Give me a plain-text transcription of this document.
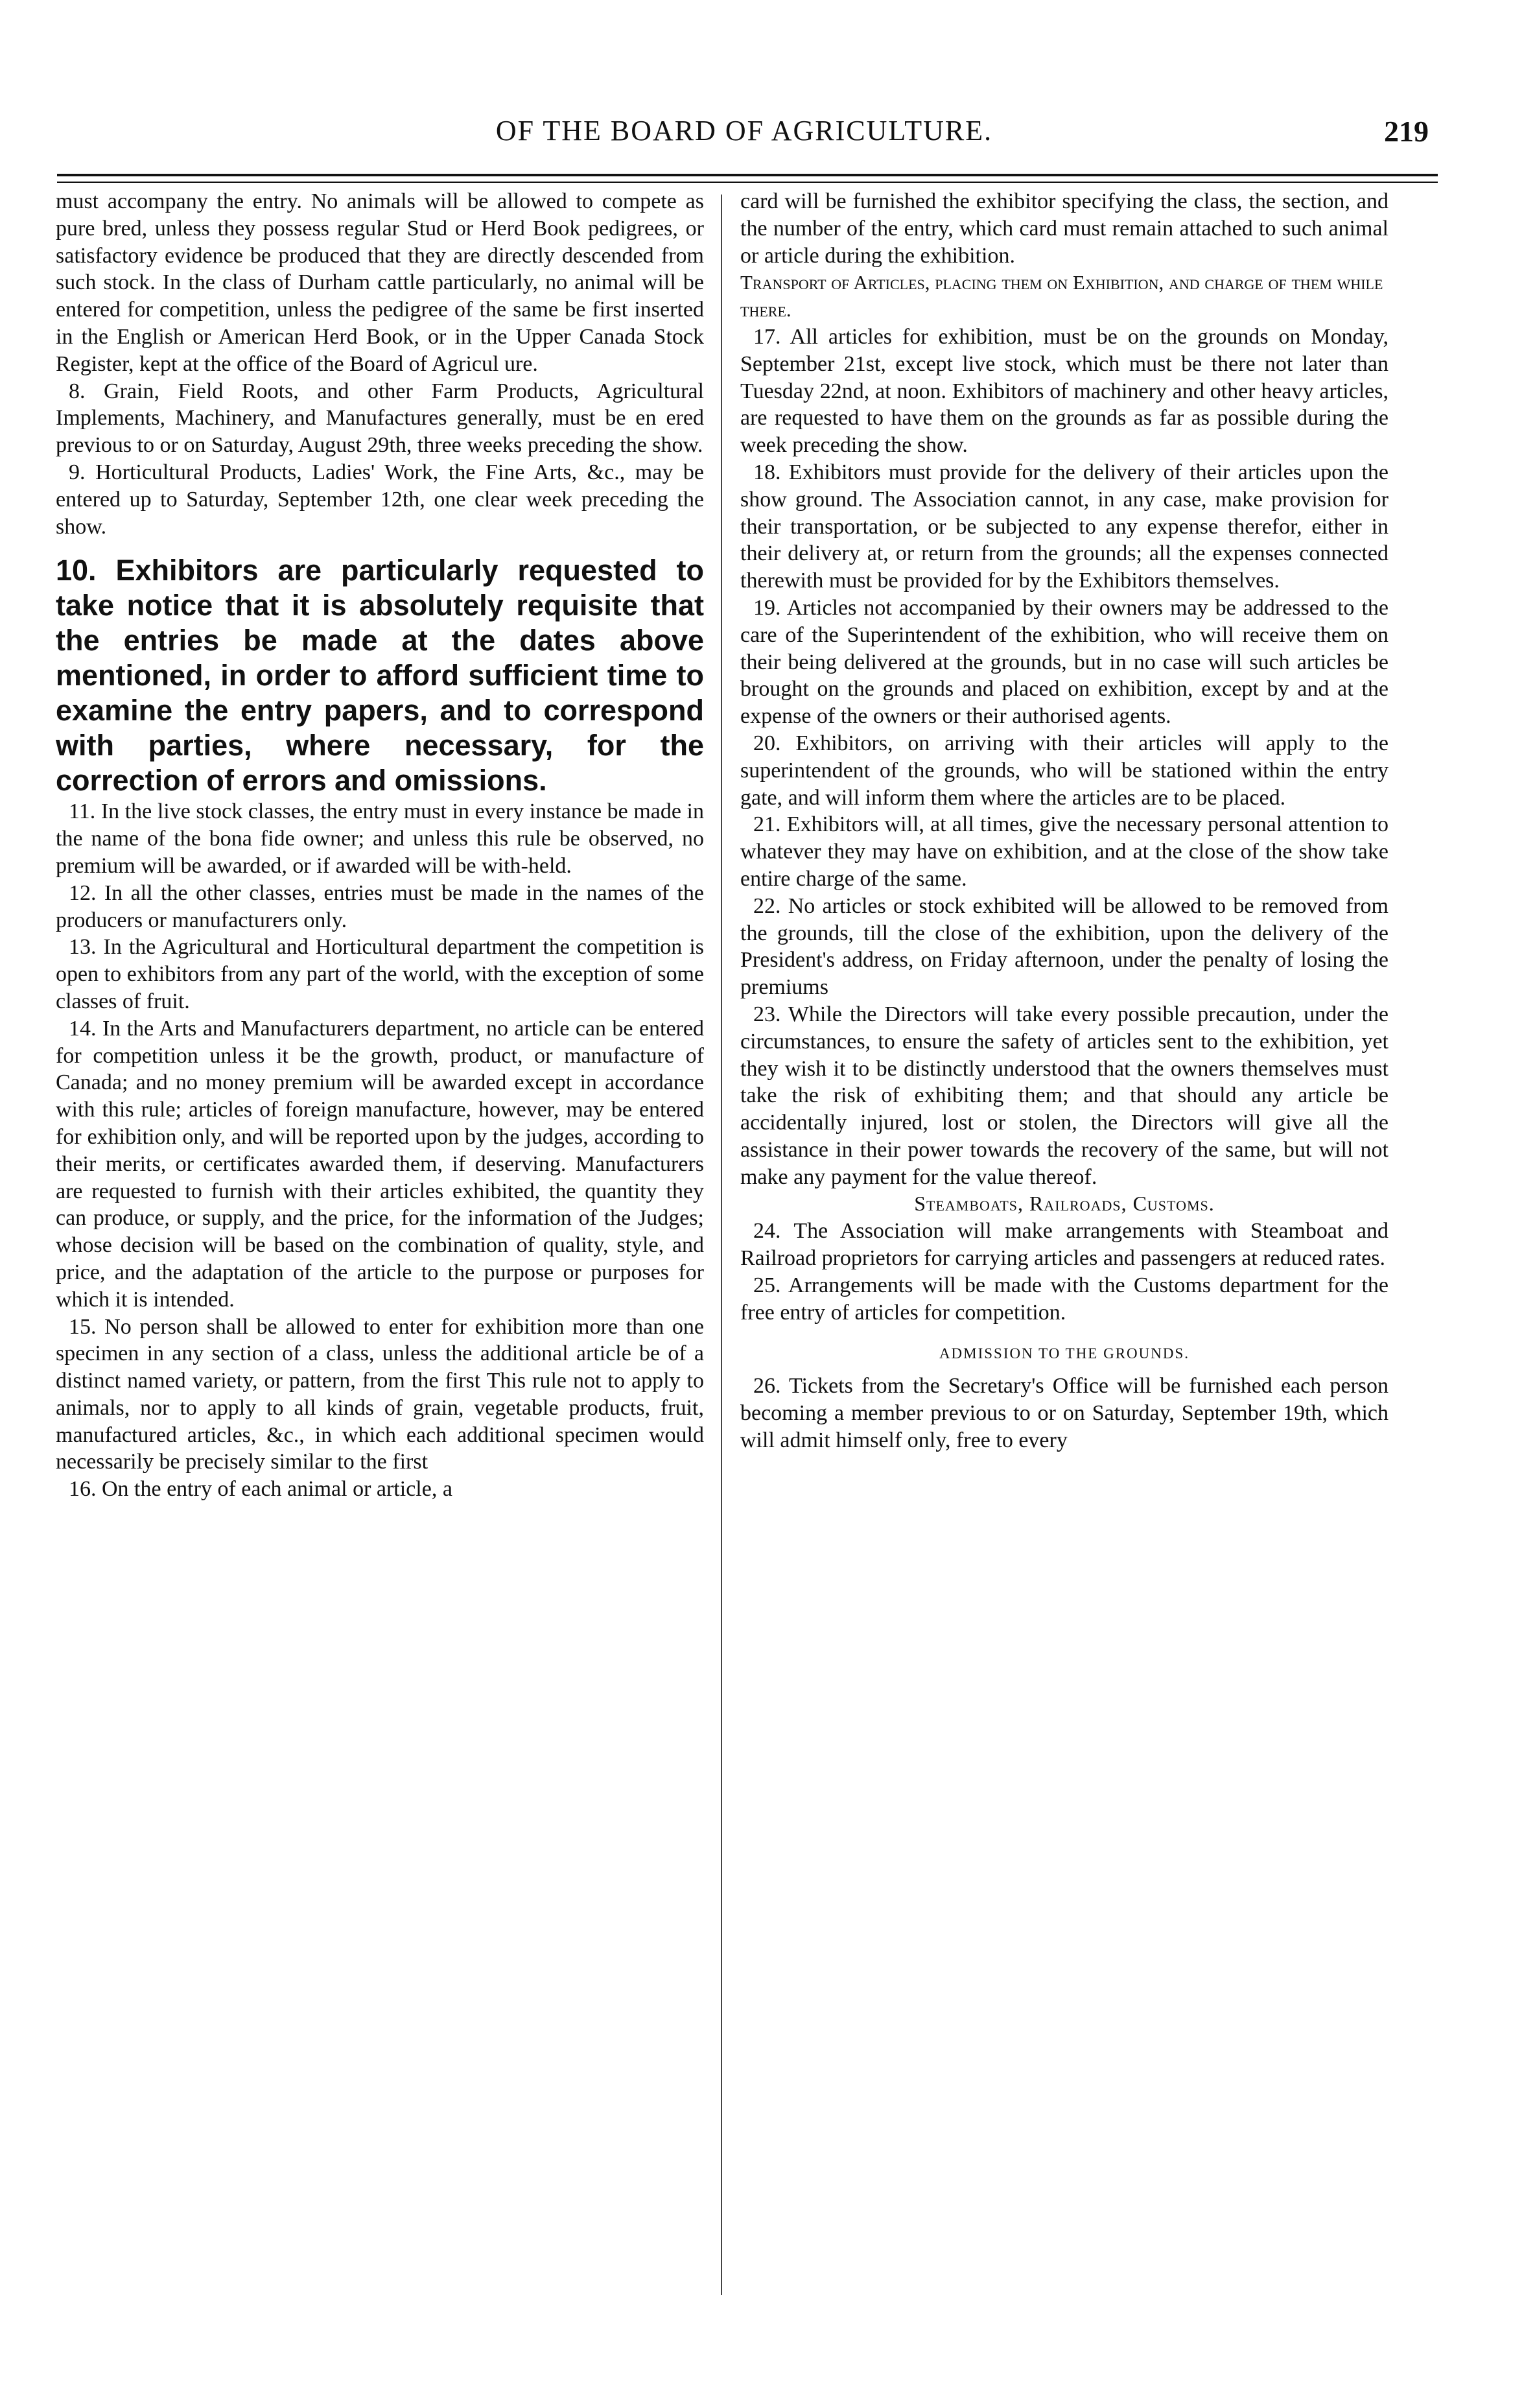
OF THE BOARD OF AGRICULTURE.	219

must accompany the entry. No animals will be allowed to compete as pure bred, unless they possess regular Stud or Herd Book pedigrees, or satisfactory evidence be produced that they are directly descended from such stock. In the class of Durham cattle particularly, no animal will be entered for competition, unless the pedigree of the same be first inserted in the English or American Herd Book, or in the Upper Canada Stock Register, kept at the office of the Board of Agricul ure.

8. Grain, Field Roots, and other Farm Products, Agricultural Implements, Machinery, and Manufactures generally, must be en ered previous to or on Saturday, August 29th, three weeks preceding the show.

9. Horticultural Products, Ladies' Work, the Fine Arts, &c., may be entered up to Saturday, September 12th, one clear week preceding the show.

10. Exhibitors are particularly requested to take notice that it is absolutely requisite that the entries be made at the dates above mentioned, in order to afford sufficient time to examine the entry papers, and to correspond with parties, where necessary, for the correction of errors and omissions.

11. In the live stock classes, the entry must in every instance be made in the name of the bona fide owner; and unless this rule be observed, no premium will be awarded, or if awarded will be with-held.

12. In all the other classes, entries must be made in the names of the producers or manufacturers only.

13. In the Agricultural and Horticultural department the competition is open to exhibitors from any part of the world, with the exception of some classes of fruit.

14. In the Arts and Manufacturers department, no article can be entered for competition unless it be the growth, product, or manufacture of Canada; and no money premium will be awarded except in accordance with this rule; articles of foreign manufacture, however, may be entered for exhibition only, and will be reported upon by the judges, according to their merits, or certificates awarded them, if deserving. Manufacturers are requested to furnish with their articles exhibited, the quantity they can produce, or supply, and the price, for the information of the Judges; whose decision will be based on the combination of quality, style, and price, and the adaptation of the article to the purpose or purposes for which it is intended.

15. No person shall be allowed to enter for exhibition more than one specimen in any section of a class, unless the additional article be of a distinct named variety, or pattern, from the first This rule not to apply to animals, nor to apply to all kinds of grain, vegetable products, fruit, manufactured articles, &c., in which each additional specimen would necessarily be precisely similar to the first

16. On the entry of each animal or article, a

card will be furnished the exhibitor specifying the class, the section, and the number of the entry, which card must remain attached to such animal or article during the exhibition.

Transport of Articles, placing them on Exhibition, and charge of them while there.

17. All articles for exhibition, must be on the grounds on Monday, September 21st, except live stock, which must be there not later than Tuesday 22nd, at noon. Exhibitors of machinery and other heavy articles, are requested to have them on the grounds as far as possible during the week preceding the show.

18. Exhibitors must provide for the delivery of their articles upon the show ground. The Association cannot, in any case, make provision for their transportation, or be subjected to any expense therefor, either in their delivery at, or return from the grounds; all the expenses connected therewith must be provided for by the Exhibitors themselves.

19. Articles not accompanied by their owners may be addressed to the care of the Superintendent of the exhibition, who will receive them on their being delivered at the grounds, but in no case will such articles be brought on the grounds and placed on exhibition, except by and at the expense of the owners or their authorised agents.

20. Exhibitors, on arriving with their articles will apply to the superintendent of the grounds, who will be stationed within the entry gate, and will inform them where the articles are to be placed.

21. Exhibitors will, at all times, give the necessary personal attention to whatever they may have on exhibition, and at the close of the show take entire charge of the same.

22. No articles or stock exhibited will be allowed to be removed from the grounds, till the close of the exhibition, upon the delivery of the President's address, on Friday afternoon, under the penalty of losing the premiums

23. While the Directors will take every possible precaution, under the circumstances, to ensure the safety of articles sent to the exhibition, yet they wish it to be distinctly understood that the owners themselves must take the risk of exhibiting them; and that should any article be accidentally injured, lost or stolen, the Directors will give all the assistance in their power towards the recovery of the same, but will not make any payment for the value thereof.

Steamboats, Railroads, Customs.

24. The Association will make arrangements with Steamboat and Railroad proprietors for carrying articles and passengers at reduced rates.

25. Arrangements will be made with the Customs department for the free entry of articles for competition.

ADMISSION TO THE GROUNDS.

26. Tickets from the Secretary's Office will be furnished each person becoming a member previous to or on Saturday, September 19th, which will admit himself only, free to every
